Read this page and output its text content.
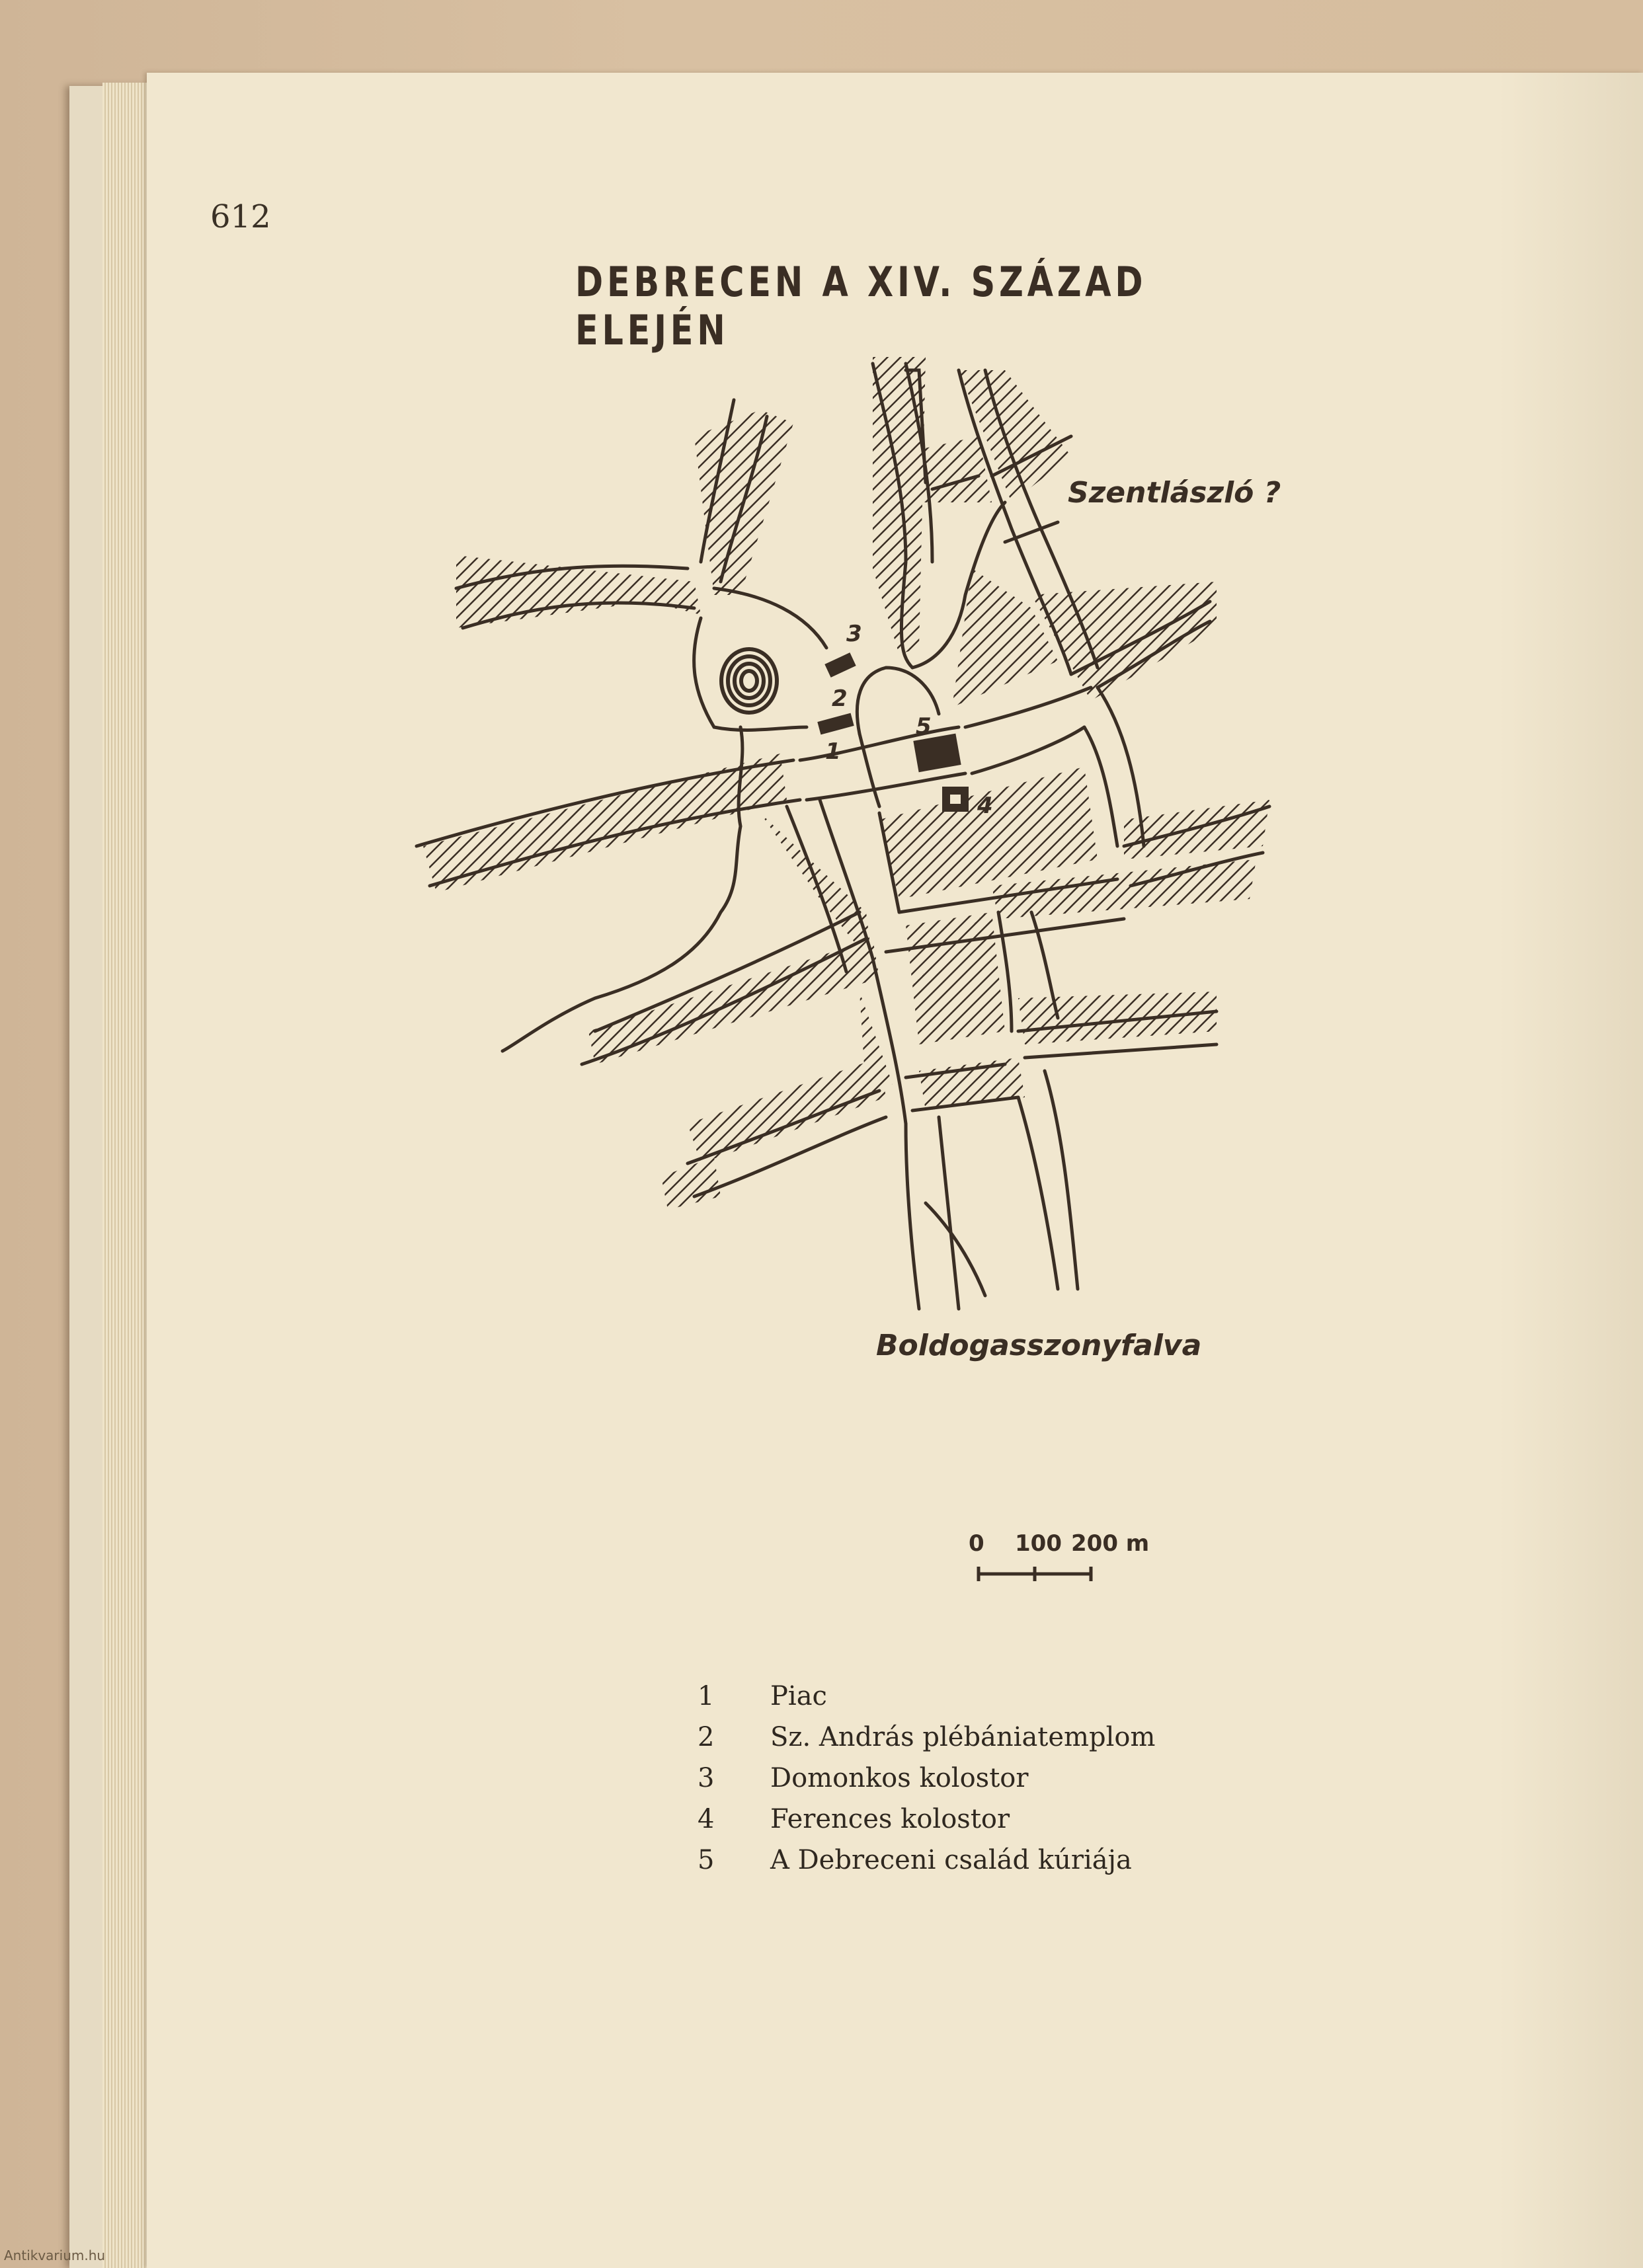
612
DEBRECEN A XIV. SZÁZAD ELEJÉN
3
2
1
5
4
Szentlászló ?
Boldogasszonyfalva
0 100 200 m
1	Piac
2	Sz. András plébániatemplom
3	Domonkos kolostor
4	Ferences kolostor
5	A Debreceni család kúriája
Antikvarium.hu
